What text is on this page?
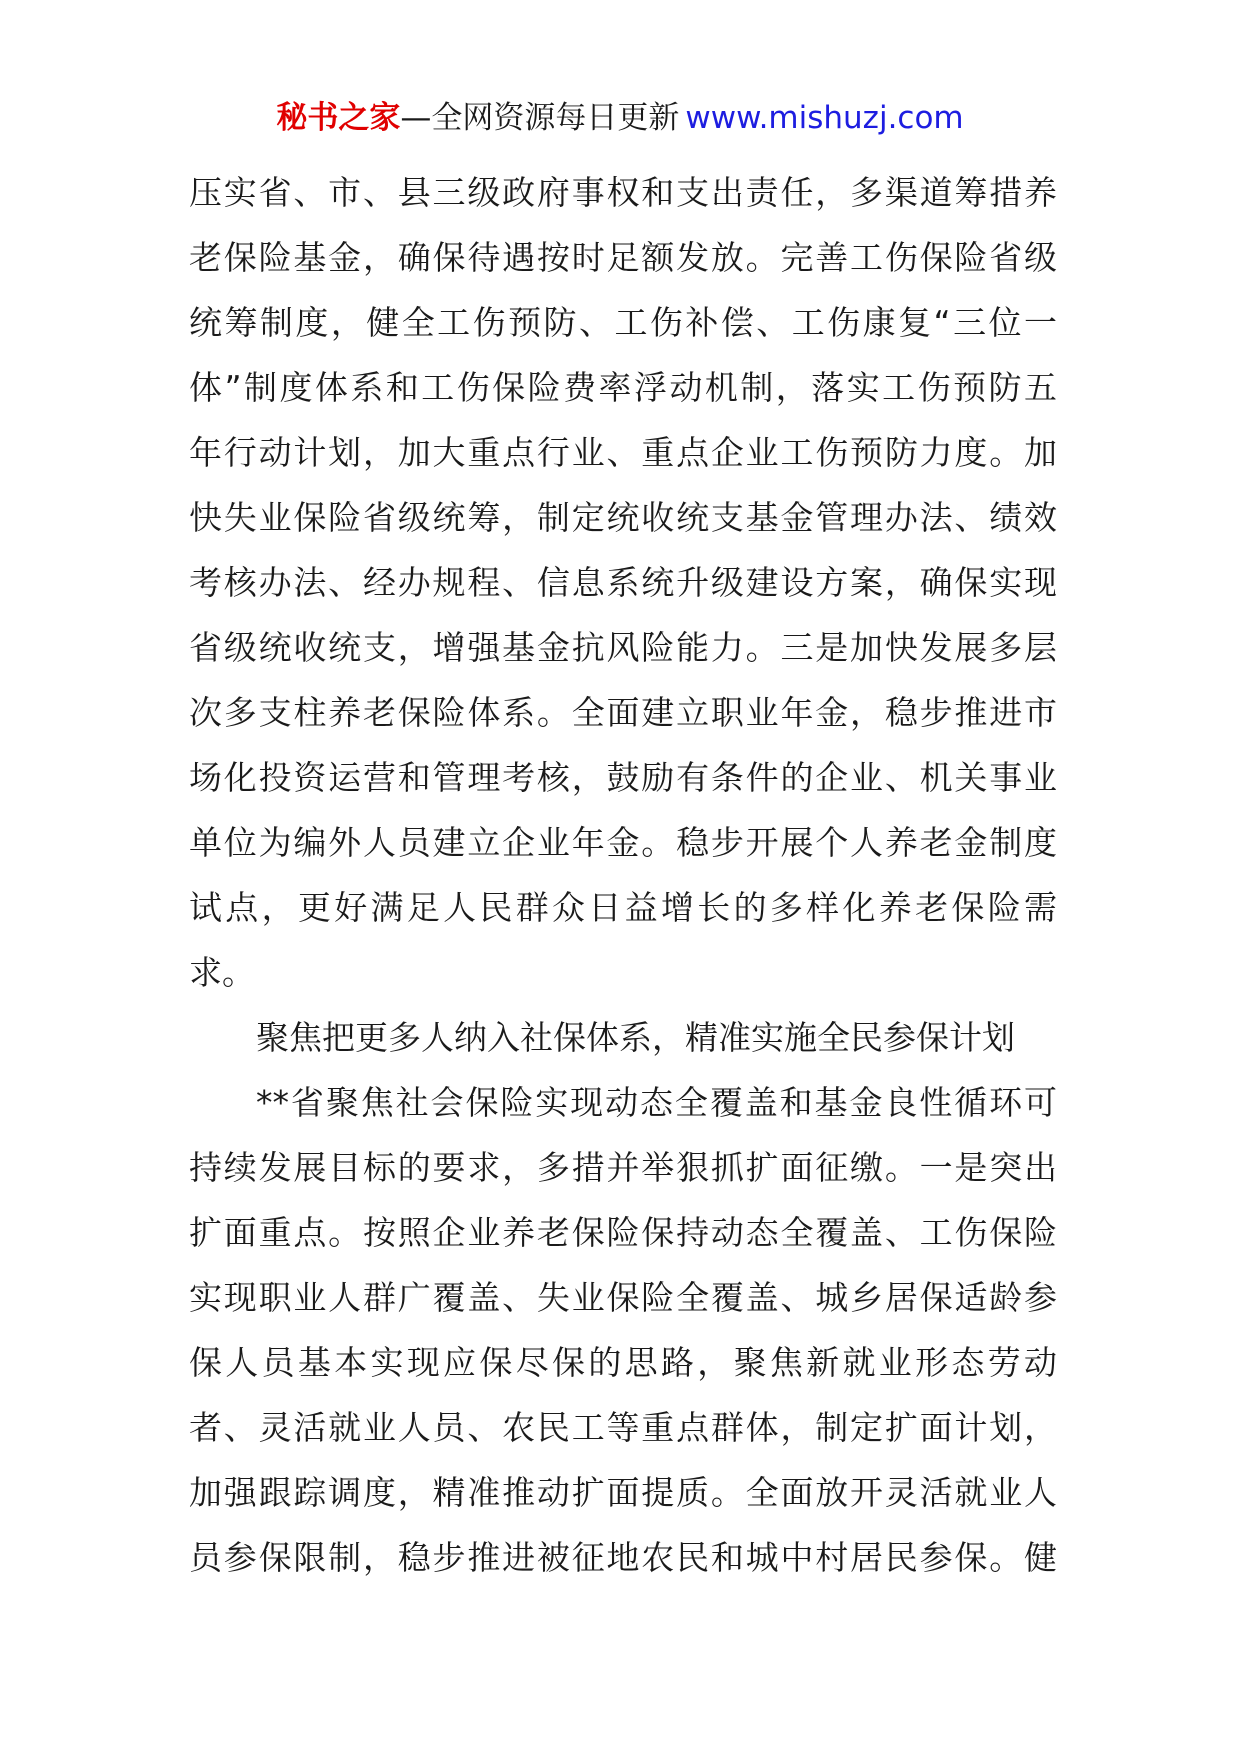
秘书之家—全网资源每日更新 www.mishuzj.com
压实省、市、县三级政府事权和支出责任，多渠道筹措养
老保险基金，确保待遇按时足额发放。完善工伤保险省级
统筹制度，健全工伤预防、工伤补偿、工伤康复“三位一
体”制度体系和工伤保险费率浮动机制，落实工伤预防五
年行动计划，加大重点行业、重点企业工伤预防力度。加
快失业保险省级统筹，制定统收统支基金管理办法、绩效
考核办法、经办规程、信息系统升级建设方案，确保实现
省级统收统支，增强基金抗风险能力。三是加快发展多层
次多支柱养老保险体系。全面建立职业年金，稳步推进市
场化投资运营和管理考核，鼓励有条件的企业、机关事业
单位为编外人员建立企业年金。稳步开展个人养老金制度
试点，更好满足人民群众日益增长的多样化养老保险需
求。
聚焦把更多人纳入社保体系，精准实施全民参保计划
**省聚焦社会保险实现动态全覆盖和基金良性循环可
持续发展目标的要求，多措并举狠抓扩面征缴。一是突出
扩面重点。按照企业养老保险保持动态全覆盖、工伤保险
实现职业人群广覆盖、失业保险全覆盖、城乡居保适龄参
保人员基本实现应保尽保的思路，聚焦新就业形态劳动
者、灵活就业人员、农民工等重点群体，制定扩面计划，
加强跟踪调度，精准推动扩面提质。全面放开灵活就业人
员参保限制，稳步推进被征地农民和城中村居民参保。健
